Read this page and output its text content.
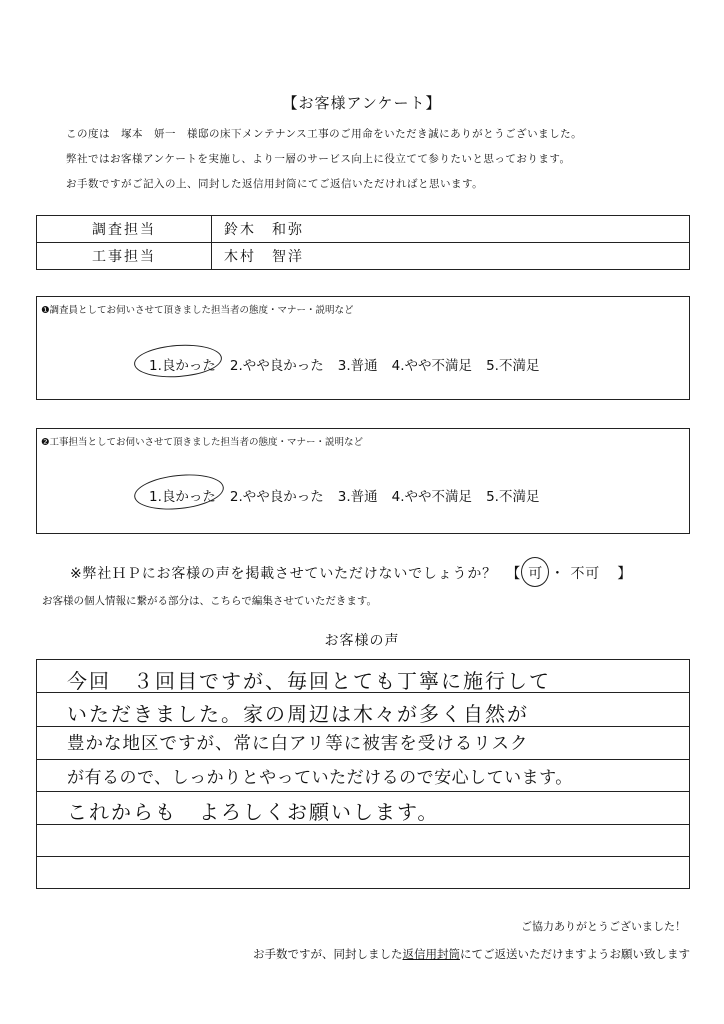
【お客様アンケート】
この度は　塚本　妍一　様邸の床下メンテナンス工事のご用命をいただき誠にありがとうございました。
弊社ではお客様アンケートを実施し、より一層のサービス向上に役立てて参りたいと思っております。
お手数ですがご記入の上、同封した返信用封筒にてご返信いただければと思います。
調査担当	鈴木　和弥
工事担当	木村　智洋
❶調査員としてお伺いさせて頂きました担当者の態度・マナー・説明など
1.良かった 2.やや良かった 3.普通 4.やや不満足 5.不満足
❷工事担当としてお伺いさせて頂きました担当者の態度・マナー・説明など
1.良かった 2.やや良かった 3.普通 4.やや不満足 5.不満足
※弊社ＨＰにお客様の声を掲載させていただけないでしょうか？ 【 可 ・ 不可 】
お客様の個人情報に繋がる部分は、こちらで編集させていただきます。
お客様の声
今回　３回目ですが、毎回とても丁寧に施行して
いただきました。家の周辺は木々が多く自然が
豊かな地区ですが、常に白アリ等に被害を受けるリスク
が有るので、しっかりとやっていただけるので安心しています。
これからも　よろしくお願いします。
ご協力ありがとうございました！
お手数ですが、同封しました返信用封筒にてご返送いただけますようお願い致します
